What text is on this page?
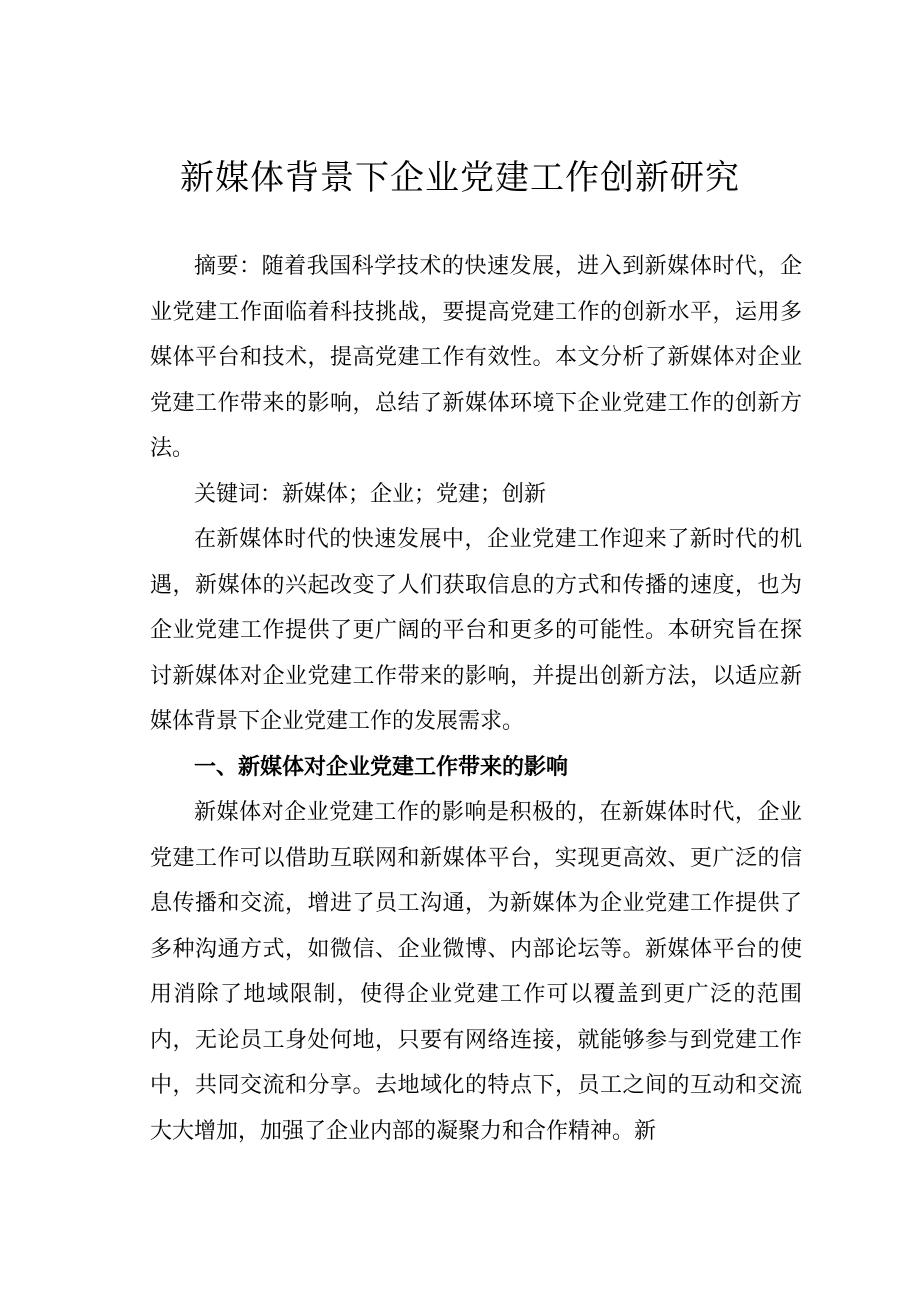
新媒体背景下企业党建工作创新研究

摘要：随着我国科学技术的快速发展，进入到新媒体时代，企业党建工作面临着科技挑战，要提高党建工作的创新水平，运用多媒体平台和技术，提高党建工作有效性。本文分析了新媒体对企业党建工作带来的影响，总结了新媒体环境下企业党建工作的创新方法。

关键词：新媒体；企业；党建；创新

在新媒体时代的快速发展中，企业党建工作迎来了新时代的机遇，新媒体的兴起改变了人们获取信息的方式和传播的速度，也为企业党建工作提供了更广阔的平台和更多的可能性。本研究旨在探讨新媒体对企业党建工作带来的影响，并提出创新方法，以适应新媒体背景下企业党建工作的发展需求。

一、新媒体对企业党建工作带来的影响

新媒体对企业党建工作的影响是积极的，在新媒体时代，企业党建工作可以借助互联网和新媒体平台，实现更高效、更广泛的信息传播和交流，增进了员工沟通，为新媒体为企业党建工作提供了多种沟通方式，如微信、企业微博、内部论坛等。新媒体平台的使用消除了地域限制，使得企业党建工作可以覆盖到更广泛的范围内，无论员工身处何地，只要有网络连接，就能够参与到党建工作中，共同交流和分享。去地域化的特点下，员工之间的互动和交流大大增加，加强了企业内部的凝聚力和合作精神。新
